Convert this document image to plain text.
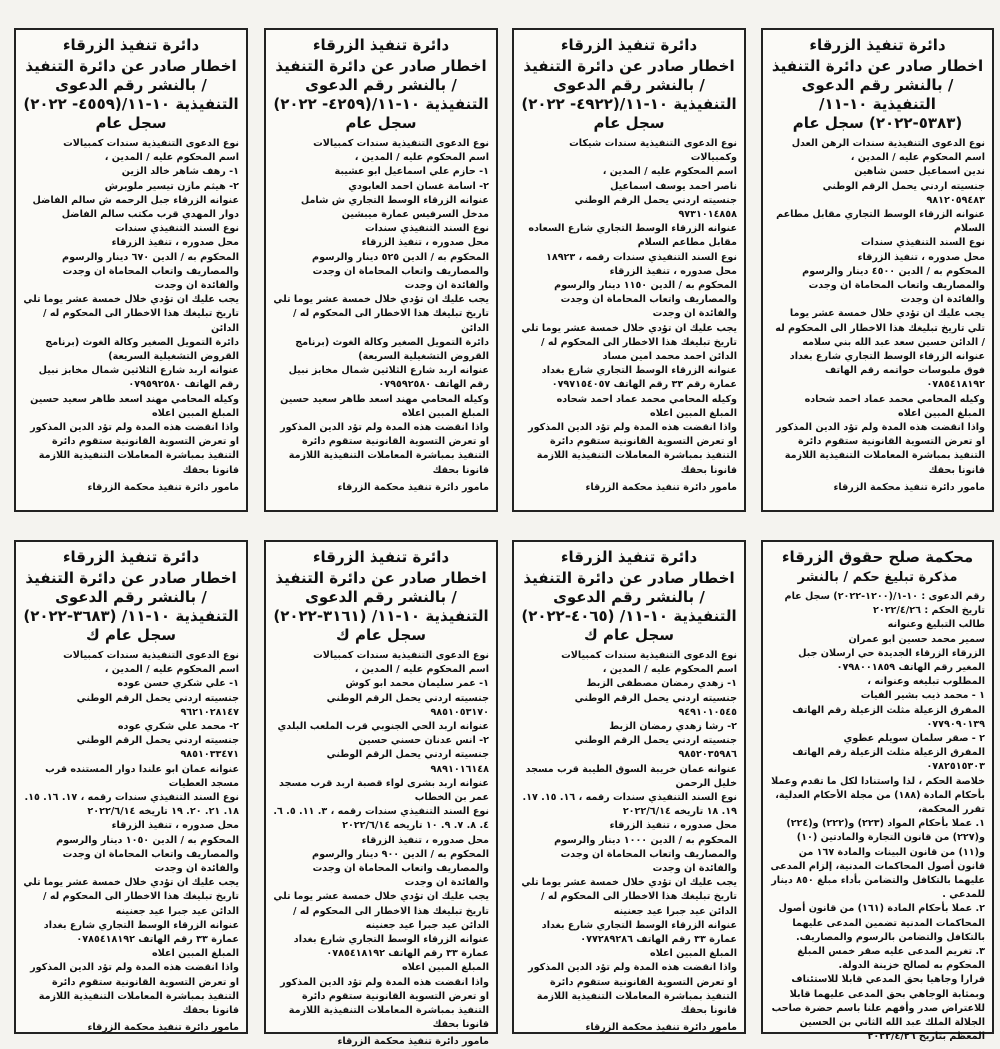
دائرة تنفيذ الزرقاء
اخطار صادر عن دائرة التنفيذ / بالنشر رقم الدعوى التنفيذية ١٠-١١/ (٥٣٨٣-٢٠٢٢) سجل عام
نوع الدعوى التنفيذية سندات الرهن العدل
اسم المحكوم عليه / المدين ،
ندين اسماعيل حسن شاهين
جنسيته اردني يحمل الرقم الوطني ٩٨١٢٠٥٩٤٨٣
عنوانه الزرقاء الوسط التجاري مقابل مطاعم السلام
نوع السند التنفيذي سندات
محل صدوره ، تنفيذ الزرقاء
المحكوم به / الدين ٤٥٠٠ دينار والرسوم والمصاريف واتعاب المحاماة ان وجدت والفائدة ان وجدت
يجب عليك ان تؤدي خلال خمسة عشر يوما تلي تاريخ تبليغك هذا الاخطار الى المحكوم له / الدائن حسين سعد عبد الله بني سلامه
عنوانه الزرقاء الوسط التجاري شارع بغداد فوق ملبوسات حواتمه رقم الهاتف ٠٧٨٥٤١٨١٩٢
وكيله المحامي محمد عماد احمد شحاده
المبلغ المبين اعلاه
واذا انقضت هذه المدة ولم تؤد الدين المذكور او تعرض التسوية القانونية ستقوم دائرة التنفيذ بمباشرة المعاملات التنفيذية اللازمة قانونا بحقك
مامور دائرة تنفيذ محكمة الزرقاء
دائرة تنفيذ الزرقاء
اخطار صادر عن دائرة التنفيذ / بالنشر رقم الدعوى التنفيذية ١٠-١١/(٤٩٢٢- ٢٠٢٢) سجل عام
نوع الدعوى التنفيذية سندات شيكات وكمبيالات
اسم المحكوم عليه / المدين ،
ناصر احمد يوسف اسماعيل
جنسيته اردني يحمل الرقم الوطني ٩٧٣١٠١٤٨٥٨
عنوانه الزرقاء الوسط التجاري شارع السعاده مقابل مطاعم السلام
نوع السند التنفيذي سندات رقمه ، ١٨٩٢٣
محل صدوره ، تنفيذ الزرقاء
المحكوم به / الدين ١١٥٠ دينار والرسوم والمصاريف واتعاب المحاماة ان وجدت والفائدة ان وجدت
يجب عليك ان تؤدي خلال خمسة عشر يوما تلي تاريخ تبليغك هذا الاخطار الى المحكوم له / الدائن احمد محمد امين مساد
عنوانه الزرقاء الوسط التجاري شارع بغداد عمارة رقم ٣٣ رقم الهاتف ٠٧٩٧١٥٤٠٥٧
وكيله المحامي محمد عماد احمد شحاده
المبلغ المبين اعلاه
واذا انقضت هذه المدة ولم تؤد الدين المذكور او تعرض التسوية القانونية ستقوم دائرة التنفيذ بمباشرة المعاملات التنفيذية اللازمة قانونا بحقك
مامور دائرة تنفيذ محكمة الزرقاء
دائرة تنفيذ الزرقاء
اخطار صادر عن دائرة التنفيذ / بالنشر رقم الدعوى التنفيذية ١٠-١١/(٤٢٥٩- ٢٠٢٢) سجل عام
نوع الدعوى التنفيذية سندات كمبيالات
اسم المحكوم عليه / المدين ،
١- حازم علي اسماعيل ابو عشيبة
٢- اسامة غسان احمد العابودي
عنوانه الزرقاء الوسط التجاري ش شامل مدخل السرفيس عمارة ميبشين
نوع السند التنفيذي سندات
محل صدوره ، تنفيذ الزرقاء
المحكوم به / الدين ٥٢٥ دينار والرسوم والمصاريف واتعاب المحاماة ان وجدت والفائدة ان وجدت
يجب عليك ان تؤدي خلال خمسة عشر يوما تلي تاريخ تبليغك هذا الاخطار الى المحكوم له / الدائن
دائرة التمويل الصغير وكالة الغوث (برنامج القروض التشغيلية السريعة)
عنوانه اربد شارع الثلاثين شمال مخابز نبيل رقم الهاتف ٠٧٩٥٩٢٥٨٠
وكيله المحامي مهند اسعد طاهر سعيد حسين
المبلغ المبين اعلاه
واذا انقضت هذه المدة ولم تؤد الدين المذكور او تعرض التسوية القانونية ستقوم دائرة التنفيذ بمباشرة المعاملات التنفيذية اللازمة قانونا بحقك
مامور دائرة تنفيذ محكمة الزرقاء
دائرة تنفيذ الزرقاء
اخطار صادر عن دائرة التنفيذ / بالنشر رقم الدعوى التنفيذية ١٠-١١/(٤٥٥٩- ٢٠٢٢) سجل عام
نوع الدعوى التنفيذية سندات كمبيالات
اسم المحكوم عليه / المدين ،
١- رهف شاهر خالد الزين
٢- هيثم مازن تيسير ملوبرش
عنوانه الزرقاء جبل الرحمه ش سالم الفاضل دوار المهدي قرب مكتب سالم الفاضل
نوع السند التنفيذي سندات
محل صدوره ، تنفيذ الزرقاء
المحكوم به / الدين ٦٧٠ دينار والرسوم والمصاريف واتعاب المحاماة ان وجدت والفائدة ان وجدت
يجب عليك ان تؤدي خلال خمسة عشر يوما تلي تاريخ تبليغك هذا الاخطار الى المحكوم له / الدائن
دائرة التمويل الصغير وكالة الغوث (برنامج القروض التشغيلية السريعة)
عنوانه اربد شارع الثلاثين شمال مخابز نبيل رقم الهاتف ٠٧٩٥٩٢٥٨٠
وكيله المحامي مهند اسعد طاهر سعيد حسين
المبلغ المبين اعلاه
واذا انقضت هذه المدة ولم تؤد الدين المذكور او تعرض التسوية القانونية ستقوم دائرة التنفيذ بمباشرة المعاملات التنفيذية اللازمة قانونا بحقك
مامور دائرة تنفيذ محكمة الزرقاء
محكمة صلح حقوق الزرقاء
مذكرة تبليغ حكم / بالنشر
رقم الدعوى : ١٠-١/(١٢٠٠-٢٠٢٢) سجل عام
تاريخ الحكم : ٢٠٢٢/٤/٢٦
طالب التبليغ وعنوانه
سمير محمد حسين ابو عمران
الزرقاء الزرقاء الجديدة حي ارسلان جبل المغير رقم الهاتف ٠٧٩٨٠٠١٨٥٩
المطلوب تبليغه وعنوانه ،
١ - محمد ذيب بشير الفيات
المفرق الزعيلة مثلث الزعيلة رقم الهاتف ٠٧٧٩٠٩٠١٣٩
٢ - صقر سلمان سويلم عطوي
المفرق الزعيلة مثلث الزعيلة رقم الهاتف ٠٧٨٢٥١٥٣٠٣
خلاصة الحكم ، لذا واستنادا لكل ما تقدم وعملا بأحكام المادة (١٨٨) من مجلة الأحكام العدلية، تقرر المحكمة،
١. عملا بأحكام المواد (٢٢٣) و(٢٢٢) و(٢٢٤) و(٢٢٧) من قانون التجارة والمادتين (١٠) و(١١) من قانون البينات والمادة ١٦٧ من قانون أصول المحاكمات المدنية، إلزام المدعى عليهما بالتكافل والتضامن بأداء مبلغ ٨٥٠ دينار للمدعي .
٢. عملا بأحكام المادة (١٦١) من قانون أصول المحاكمات المدنية تضمين المدعى عليهما بالتكافل والتضامن بالرسوم والمصاريف.
٣. تغريم المدعى عليه صقر خمس المبلغ المحكوم به لصالح خزينة الدولة.
قرارا وجاهيا بحق المدعي قابلا للاستئناف وبمثابة الوجاهي بحق المدعى عليهما قابلا للاعتراض صدر وأفهم علنا باسم حضرة صاحب الجلالة الملك عبد الله الثاني بن الحسين المعظم بتاريخ ٢٠٢٢/٤/٢٦
دائرة تنفيذ الزرقاء
اخطار صادر عن دائرة التنفيذ / بالنشر رقم الدعوى التنفيذية ١٠-١١/ (٤٠٦٥-٢٠٢٢) سجل عام ك
نوع الدعوى التنفيذية سندات كمبيالات
اسم المحكوم عليه / المدين ،
١- زهدي رمضان مصطفى الزبط
جنسيته اردني يحمل الرقم الوطني ٩٤٩١٠١٠٥٤٥
٢- رشا زهدي رمضان الزبط
جنسيته اردني يحمل الرقم الوطني ٩٨٥٢٠٣٥٩٨٦
عنوانه عمان خريبة السوق الطيبة قرب مسجد خليل الرحمن
نوع السند التنفيذي سندات رقمه ، ١٦. ١٥. ١٧. ١٩. ١٨ تاريخه ٢٠٢٢/٦/١٤
محل صدوره ، تنفيذ الزرقاء
المحكوم به / الدين ١٠٠٠ دينار والرسوم والمصاريف واتعاب المحاماة ان وجدت والفائدة ان وجدت
يجب عليك ان تؤدي خلال خمسة عشر يوما تلي تاريخ تبليغك هذا الاخطار الى المحكوم له / الدائن عيد جبرا عيد جعنينه
عنوانه الزرقاء الوسط التجاري شارع بغداد عمارة ٣٣ رقم الهاتف ٠٧٧٢٨٩٢٨٦
المبلغ المبين اعلاه
واذا انقضت هذه المدة ولم تؤد الدين المذكور او تعرض التسوية القانونية ستقوم دائرة التنفيذ بمباشرة المعاملات التنفيذية اللازمة قانونا بحقك
مامور دائرة تنفيذ محكمة الزرقاء
دائرة تنفيذ الزرقاء
اخطار صادر عن دائرة التنفيذ / بالنشر رقم الدعوى التنفيذية ١٠-١١/ (٣١٦١-٢٠٢٢) سجل عام ك
نوع الدعوى التنفيذية سندات كمبيالات
اسم المحكوم عليه / المدين ،
١- عمر سليمان محمد ابو كوش
جنسيته اردني يحمل الرقم الوطني ٩٨٥١٠٥٣١٧٠
عنوانه اربد الحي الجنوبي قرب الملعب البلدي
٢- انس عدنان حسني حسين
جنسيته اردني يحمل الرقم الوطني ٩٨٩١٠١٦١٤٨
عنوانه اربد بشرى لواء قصبة اربد قرب مسجد عمر بن الخطاب
نوع السند التنفيذي سندات رقمه ، ٣. ١١. ٥. ٦. ٤. ٨. ٧. ٩. ١٠ تاريخه ٢٠٢٢/٦/١٤
محل صدوره ، تنفيذ الزرقاء
المحكوم به / الدين ٩٠٠ دينار والرسوم والمصاريف واتعاب المحاماة ان وجدت والفائدة ان وجدت
يجب عليك ان تؤدي خلال خمسة عشر يوما تلي تاريخ تبليغك هذا الاخطار الى المحكوم له / الدائن عيد جبرا عيد جعنينه
عنوانه الزرقاء الوسط التجاري شارع بغداد عمارة ٣٣ رقم الهاتف ٠٧٨٥٤١٨١٩٢
المبلغ المبين اعلاه
واذا انقضت هذه المدة ولم تؤد الدين المذكور او تعرض التسوية القانونية ستقوم دائرة التنفيذ بمباشرة المعاملات التنفيذية اللازمة قانونا بحقك
مامور دائرة تنفيذ محكمة الزرقاء
دائرة تنفيذ الزرقاء
اخطار صادر عن دائرة التنفيذ / بالنشر رقم الدعوى التنفيذية ١٠-١١/ (٣٦٨٣-٢٠٢٢) سجل عام ك
نوع الدعوى التنفيذية سندات كمبيالات
اسم المحكوم عليه / المدين ،
١- علي شكري حسن عوده
جنسيته اردني يحمل الرقم الوطني ٩٦٢١٠٢٨١٤٧
٢- محمد علي شكري عوده
جنسيته اردني يحمل الرقم الوطني ٩٨٥١٠٣٣٤٧١
عنوانه عمان ابو علندا دوار المستنده قرب مسجد العطيات
نوع السند التنفيذي سندات رقمه ، ١٧. ١٦. ١٥. ١٨. ٢١. ٢٠. ١٩ تاريخه ٢٠٢٢/٦/١٤
محل صدوره ، تنفيذ الزرقاء
المحكوم به / الدين ١٠٥٠ دينار والرسوم والمصاريف واتعاب المحاماة ان وجدت والفائدة ان وجدت
يجب عليك ان تؤدي خلال خمسة عشر يوما تلي تاريخ تبليغك هذا الاخطار الى المحكوم له / الدائن عيد جبرا عيد جعنينه
عنوانه الزرقاء الوسط التجاري شارع بغداد عمارة ٣٣ رقم الهاتف ٠٧٨٥٤١٨١٩٢
المبلغ المبين اعلاه
واذا انقضت هذه المدة ولم تؤد الدين المذكور او تعرض التسوية القانونية ستقوم دائرة التنفيذ بمباشرة المعاملات التنفيذية اللازمة قانونا بحقك
مامور دائرة تنفيذ محكمة الزرقاء
